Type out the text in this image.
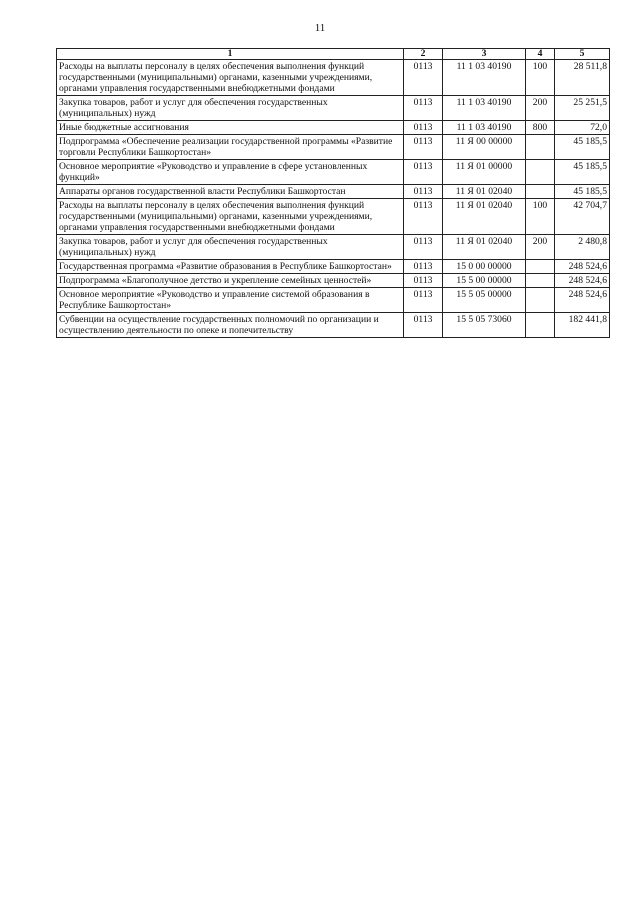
11
1	2	3	4	5
Расходы на выплаты персоналу в целях обеспечения выполнения функций государственными (муниципальными) органами, казенными учреждениями, органами управления государственными внебюджетными фондами	0113	11 1 03 40190	100	28 511,8
Закупка товаров, работ и услуг для обеспечения государственных (муниципальных) нужд	0113	11 1 03 40190	200	25 251,5
Иные бюджетные ассигнования	0113	11 1 03 40190	800	72,0
Подпрограмма «Обеспечение реализации государственной программы «Развитие торговли Республики Башкортостан»	0113	11 Я 00 00000		45 185,5
Основное мероприятие «Руководство и управление в сфере установленных функций»	0113	11 Я 01 00000		45 185,5
Аппараты органов государственной власти Республики Башкортостан	0113	11 Я 01 02040		45 185,5
Расходы на выплаты персоналу в целях обеспечения выполнения функций государственными (муниципальными) органами, казенными учреждениями, органами управления государственными внебюджетными фондами	0113	11 Я 01 02040	100	42 704,7
Закупка товаров, работ и услуг для обеспечения государственных (муниципальных) нужд	0113	11 Я 01 02040	200	2 480,8
Государственная программа «Развитие образования в Республике Башкортостан»	0113	15 0 00 00000		248 524,6
Подпрограмма «Благополучное детство и укрепление семейных ценностей»	0113	15 5 00 00000		248 524,6
Основное мероприятие «Руководство и управление системой образования в Республике Башкортостан»	0113	15 5 05 00000		248 524,6
Субвенции на осуществление государственных полномочий по организации и осуществлению деятельности по опеке и попечительству	0113	15 5 05 73060		182 441,8
